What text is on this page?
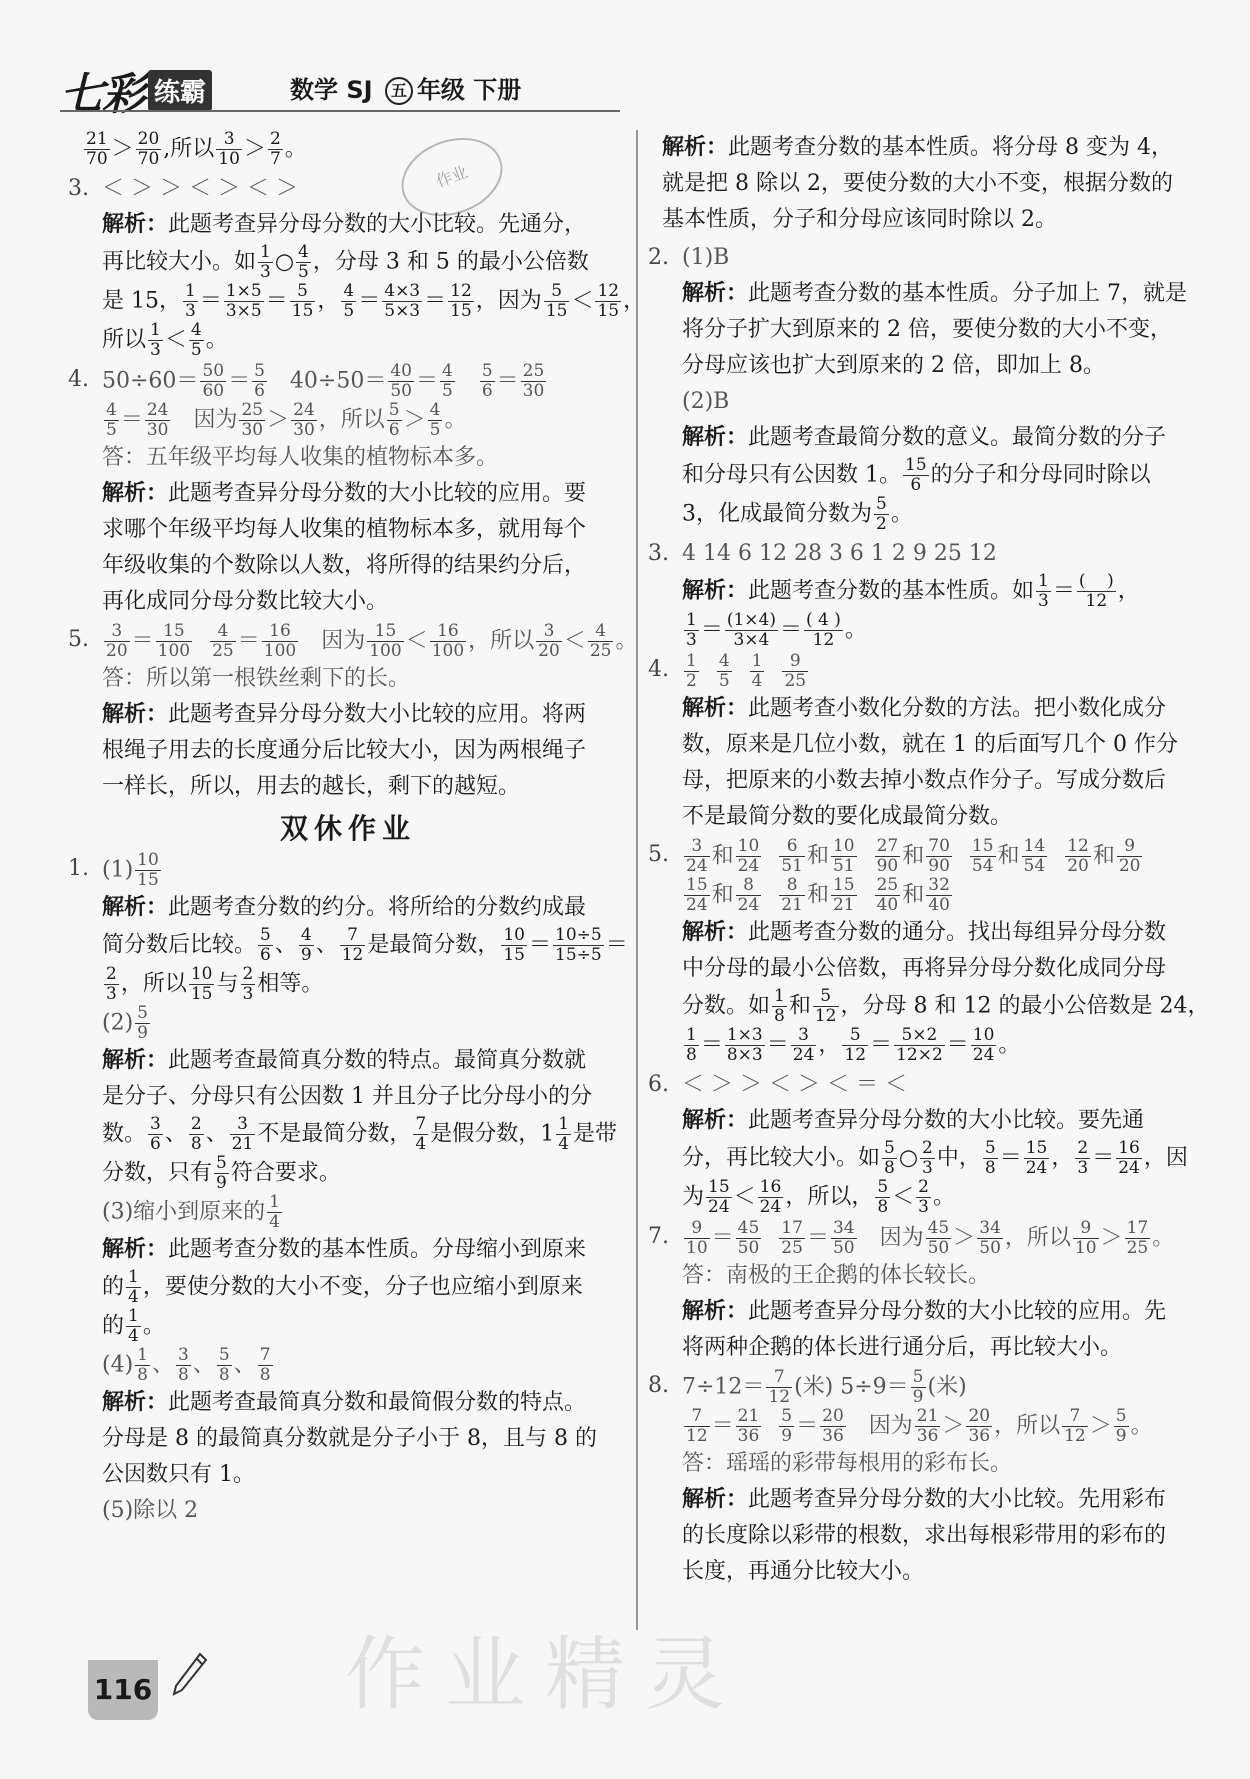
七彩 练霸	数学 SJ 五 年级 下册
作业
$\frac{21}{70} > \frac{20}{70}$ ,所以 $\frac{3}{10} > \frac{2}{7}$ 。
3. ＜ ＞ ＞ ＜ ＞ ＜ ＞
解析：此题考查异分母分数的大小比较。先通分，
再比较大小。如 $\frac{1}{3}$ ○ $\frac{4}{5}$ ，分母 3 和 5 的最小公倍数
是 15， $\frac{1}{3} = \frac{1\times 5}{3\times 5} = \frac{5}{15}$ ， $\frac{4}{5} = \frac{4\times 3}{5\times 3} = \frac{12}{15}$ ，因为 $\frac{5}{15} < \frac{12}{15}$ ，
所以 $\frac{1}{3} < \frac{4}{5}$ 。
4. $50\div 60= \frac{50}{60} = \frac{5}{6} 40\div 50= \frac{40}{50} = \frac{4}{5}$
$\frac{5}{6} = \frac{25}{30}$
$\frac{4}{5} = \frac{24}{30}$ 因为 $\frac{25}{30} > \frac{24}{30}$ ，所以 $\frac{5}{6} > \frac{4}{5}$ 。
答：五年级平均每人收集的植物标本多。
解析：此题考查异分母分数的大小比较的应用。要
求哪个年级平均每人收集的植物标本多，就用每个
年级收集的个数除以人数，将所得的结果约分后，
再化成同分母分数比较大小。
5. $\frac{3}{20} = \frac{15}{100}$
$\frac{4}{25} = \frac{16}{100}$ 因为 $\frac{15}{100} < \frac{16}{100}$ ，所以 $\frac{3}{20} < \frac{4}{25}$ 。
答：所以第一根铁丝剩下的长。
解析：此题考查异分母分数大小比较的应用。将两
根绳子用去的长度通分后比较大小，因为两根绳子
一样长，所以，用去的越长，剩下的越短。
双休作业
1. $(1) \frac{10}{15}$
解析：此题考查分数的约分。将所给的分数约成最
简分数后比较。 $\frac{5}{6}$ 、 $\frac{4}{9}$ 、 $\frac{7}{12}$ 是最简分数， $\frac{10}{15} = \frac{10\div 5}{15\div 5}$ ＝
$\frac{2}{3}$ ，所以 $\frac{10}{15}$ 与 $\frac{2}{3}$ 相等。
$(2) \frac{5}{9}$
解析：此题考查最简真分数的特点。最简真分数就
是分子、分母只有公因数 1 并且分子比分母小的分
数。 $\frac{3}{6}$ 、 $\frac{2}{8}$ 、 $\frac{3}{21}$ 不是最简分数， $\frac{7}{4}$ 是假分数，$1 \frac{1}{4}$ 是带
分数，只有 $\frac{5}{9}$ 符合要求。
(3)缩小到原来的 $\frac{1}{4}$
解析：此题考查分数的基本性质。分母缩小到原来
的 $\frac{1}{4}$ ，要使分数的大小不变，分子也应缩小到原来
的 $\frac{1}{4}$ 。
$(4) \frac{1}{8}$ 、 $\frac{3}{8}$ 、 $\frac{5}{8}$ 、 $\frac{7}{8}$
解析：此题考查最简真分数和最简假分数的特点。
分母是 8 的最简真分数就是分子小于 8，且与 8 的
公因数只有 1。
(5)除以 2
解析：此题考查分数的基本性质。将分母 8 变为 4，
就是把 8 除以 2，要使分数的大小不变，根据分数的
基本性质，分子和分母应该同时除以 2。
2. (1)B
解析：此题考查分数的基本性质。分子加上 7，就是
将分子扩大到原来的 2 倍，要使分数的大小不变，
分母应该也扩大到原来的 2 倍，即加上 8。
(2)B
解析：此题考查最简分数的意义。最简分数的分子
和分母只有公因数 1。 $\frac{15}{6}$ 的分子和分母同时除以
3，化成最简分数为 $\frac{5}{2}$ 。
3. 4 14 6 12 28 3 6 1 2 9 25 12
解析：此题考查分数的基本性质。如 $\frac{1}{3} = \frac{( )}{12}$ ，
$\frac{1}{3} = \frac{(1\times 4)}{3\times 4} = \frac{( 4 )}{12}$ 。
4. $\frac{1}{2}$
$\frac{4}{5}$
$\frac{1}{4}$
$\frac{9}{25}$
解析：此题考查小数化分数的方法。把小数化成分
数，原来是几位小数，就在 1 的后面写几个 0 作分
母，把原来的小数去掉小数点作分子。写成分数后
不是最简分数的要化成最简分数。
5. $\frac{3}{24}$ 和 $\frac{10}{24}$
$\frac{6}{51}$ 和 $\frac{10}{51}$
$\frac{27}{90}$ 和 $\frac{70}{90}$
$\frac{15}{54}$ 和 $\frac{14}{54}$
$\frac{12}{20}$ 和 $\frac{9}{20}$
$\frac{15}{24}$ 和 $\frac{8}{24}$
$\frac{8}{21}$ 和 $\frac{15}{21}$
$\frac{25}{40}$ 和 $\frac{32}{40}$
解析：此题考查分数的通分。找出每组异分母分数
中分母的最小公倍数，再将异分母分数化成同分母
分数。如 $\frac{1}{8}$ 和 $\frac{5}{12}$ ，分母 8 和 12 的最小公倍数是 24，
$\frac{1}{8} = \frac{1\times 3}{8\times 3} = \frac{3}{24}$ ， $\frac{5}{12} = \frac{5\times 2}{12\times 2} = \frac{10}{24}$ 。
6. ＜ ＞ ＞ ＜ ＞ ＜ ＝ ＜
解析：此题考查异分母分数的大小比较。要先通
分，再比较大小。如 $\frac{5}{8}$ ○ $\frac{2}{3}$ 中， $\frac{5}{8} = \frac{15}{24}$ ， $\frac{2}{3} = \frac{16}{24}$ ，因
为 $\frac{15}{24} < \frac{16}{24}$ ，所以， $\frac{5}{8} < \frac{2}{3}$ 。
7. $\frac{9}{10} = \frac{45}{50}$
$\frac{17}{25} = \frac{34}{50}$ 因为 $\frac{45}{50} > \frac{34}{50}$ ，所以 $\frac{9}{10} > \frac{17}{25}$ 。
答：南极的王企鹅的体长较长。
解析：此题考查异分母分数的大小比较的应用。先
将两种企鹅的体长进行通分后，再比较大小。
8. $7\div 12= \frac{7}{12}$ (米) $5\div 9= \frac{5}{9}$ (米)
$\frac{7}{12} = \frac{21}{36}$
$\frac{5}{9} = \frac{20}{36}$ 因为 $\frac{21}{36} > \frac{20}{36}$ ，所以 $\frac{7}{12} > \frac{5}{9}$ 。
答：瑶瑶的彩带每根用的彩布长。
解析：此题考查异分母分数的大小比较。先用彩布
的长度除以彩带的根数，求出每根彩带用的彩布的
长度，再通分比较大小。
作业精灵
116
